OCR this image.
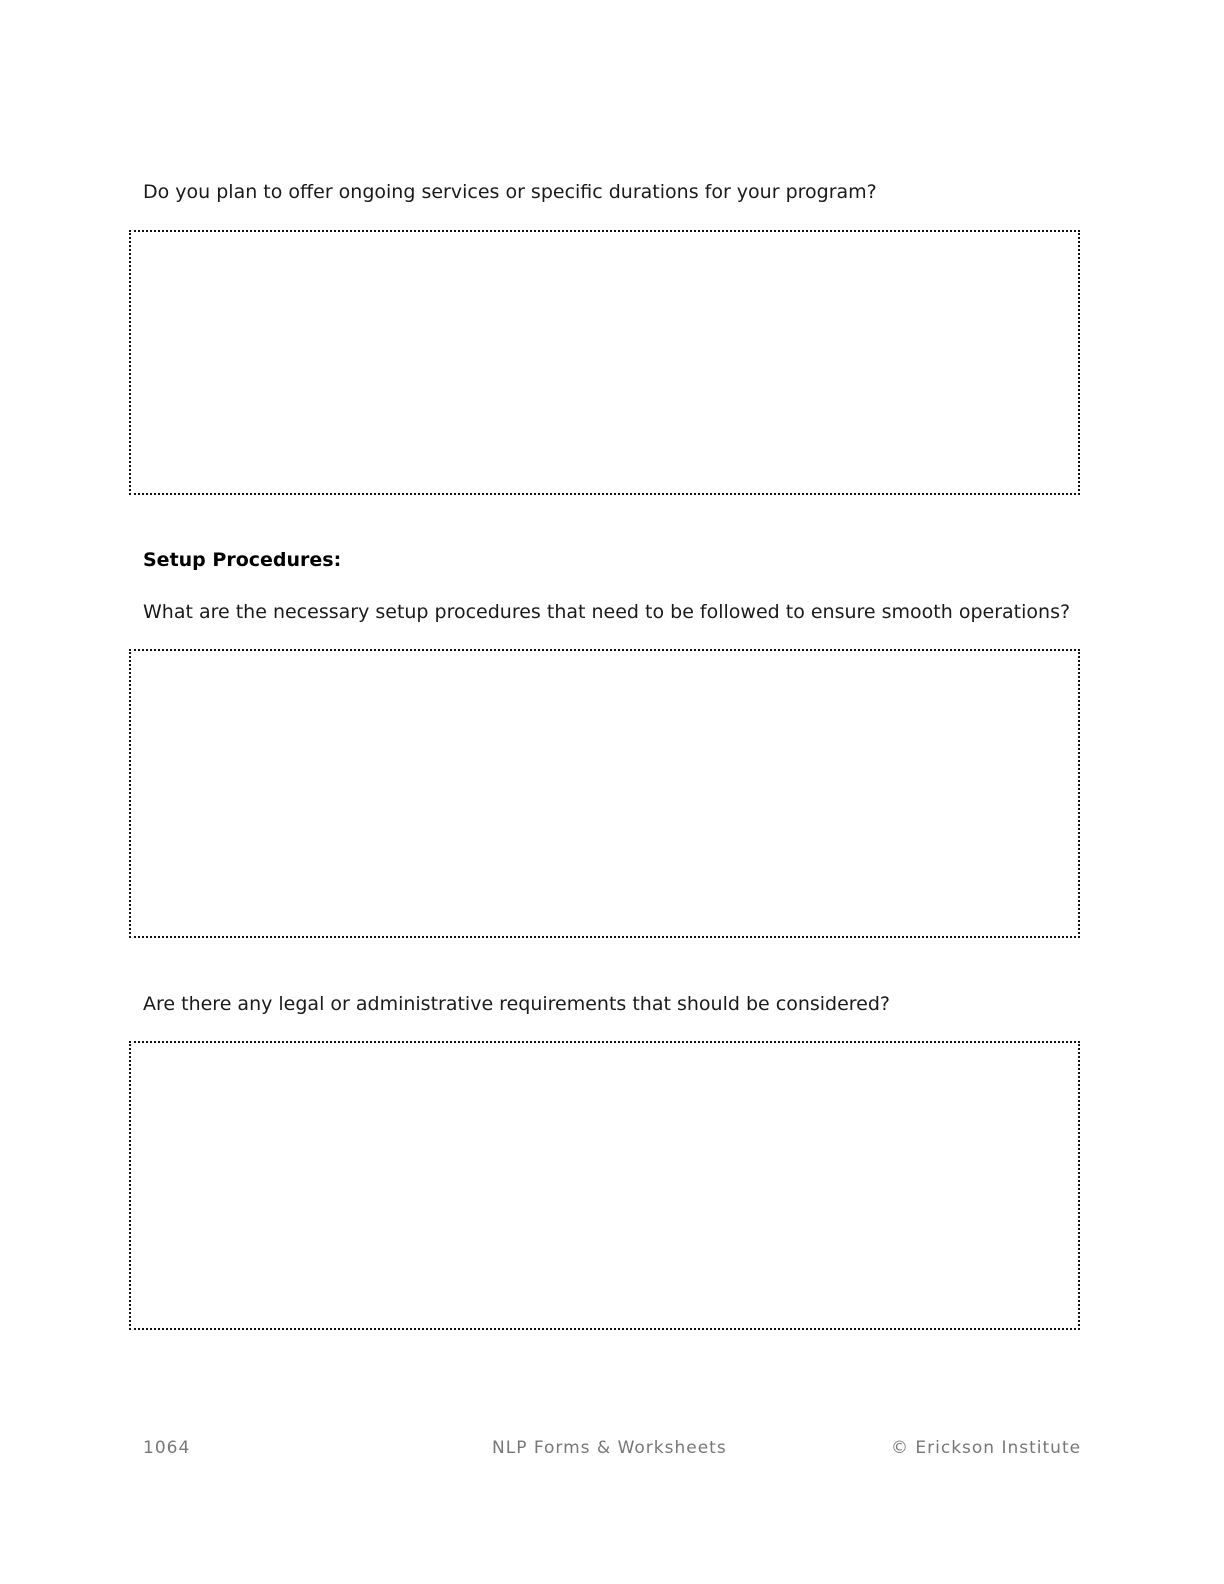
Do you plan to offer ongoing services or specific durations for your program?
Setup Procedures:
What are the necessary setup procedures that need to be followed to ensure smooth operations?
Are there any legal or administrative requirements that should be considered?
1064	NLP Forms & Worksheets	© Erickson Institute
